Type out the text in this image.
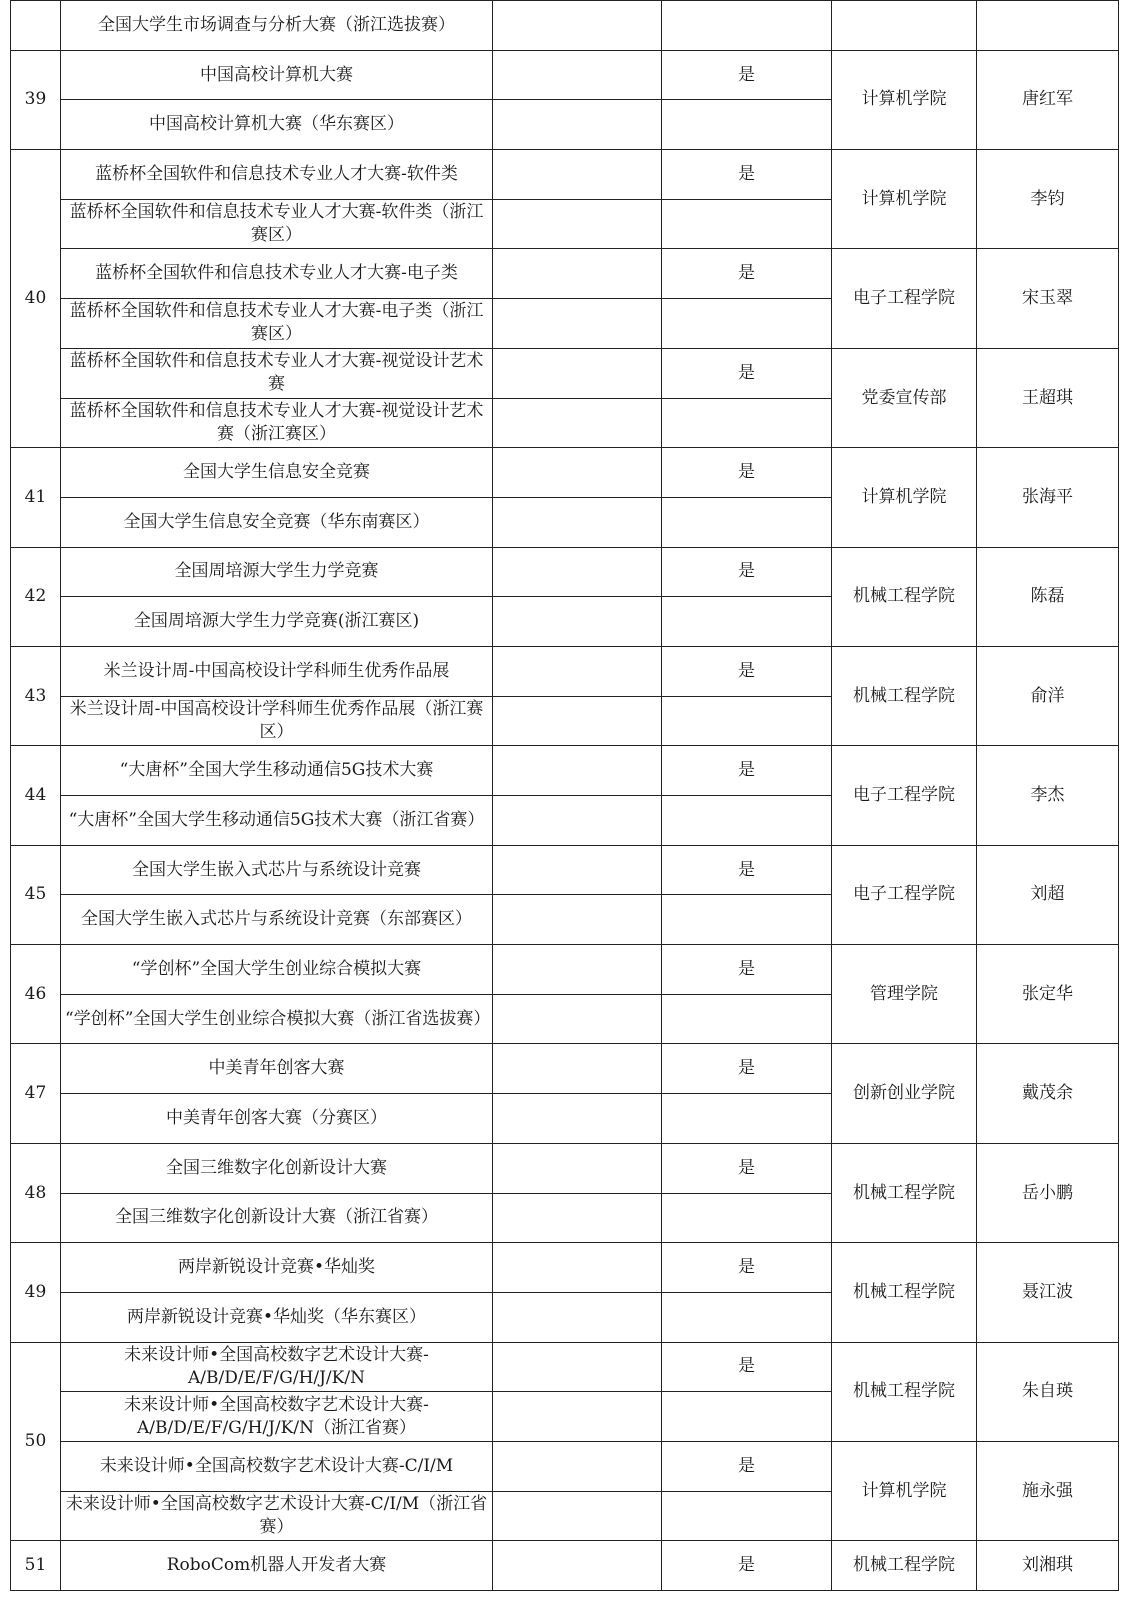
	全国大学生市场调查与分析大赛（浙江选拔赛）				
39	中国高校计算机大赛		是	计算机学院	唐红军
	中国高校计算机大赛（华东赛区）				
40	蓝桥杯全国软件和信息技术专业人才大赛-软件类		是	计算机学院	李钧
	蓝桥杯全国软件和信息技术专业人才大赛-软件类（浙江赛区）				
	蓝桥杯全国软件和信息技术专业人才大赛-电子类		是	电子工程学院	宋玉翠
	蓝桥杯全国软件和信息技术专业人才大赛-电子类（浙江赛区）				
	蓝桥杯全国软件和信息技术专业人才大赛-视觉设计艺术赛		是	党委宣传部	王超琪
	蓝桥杯全国软件和信息技术专业人才大赛-视觉设计艺术赛（浙江赛区）				
41	全国大学生信息安全竞赛		是	计算机学院	张海平
	全国大学生信息安全竞赛（华东南赛区）				
42	全国周培源大学生力学竞赛		是	机械工程学院	陈磊
	全国周培源大学生力学竞赛(浙江赛区)				
43	米兰设计周-中国高校设计学科师生优秀作品展		是	机械工程学院	俞洋
	米兰设计周-中国高校设计学科师生优秀作品展（浙江赛区）				
44	“大唐杯”全国大学生移动通信5G技术大赛		是	电子工程学院	李杰
	“大唐杯”全国大学生移动通信5G技术大赛（浙江省赛）				
45	全国大学生嵌入式芯片与系统设计竞赛		是	电子工程学院	刘超
	全国大学生嵌入式芯片与系统设计竞赛（东部赛区）				
46	“学创杯”全国大学生创业综合模拟大赛		是	管理学院	张定华
	“学创杯”全国大学生创业综合模拟大赛（浙江省选拔赛）				
47	中美青年创客大赛		是	创新创业学院	戴茂余
	中美青年创客大赛（分赛区）				
48	全国三维数字化创新设计大赛		是	机械工程学院	岳小鹏
	全国三维数字化创新设计大赛（浙江省赛）				
49	两岸新锐设计竞赛•华灿奖		是	机械工程学院	聂江波
	两岸新锐设计竞赛•华灿奖（华东赛区）				
50	未来设计师•全国高校数字艺术设计大赛-A/B/D/E/F/G/H/J/K/N		是	机械工程学院	朱自瑛
	未来设计师•全国高校数字艺术设计大赛-A/B/D/E/F/G/H/J/K/N（浙江省赛）				
	未来设计师•全国高校数字艺术设计大赛-C/I/M		是	计算机学院	施永强
	未来设计师•全国高校数字艺术设计大赛-C/I/M（浙江省赛）				
51	RoboCom机器人开发者大赛		是	机械工程学院	刘湘琪
